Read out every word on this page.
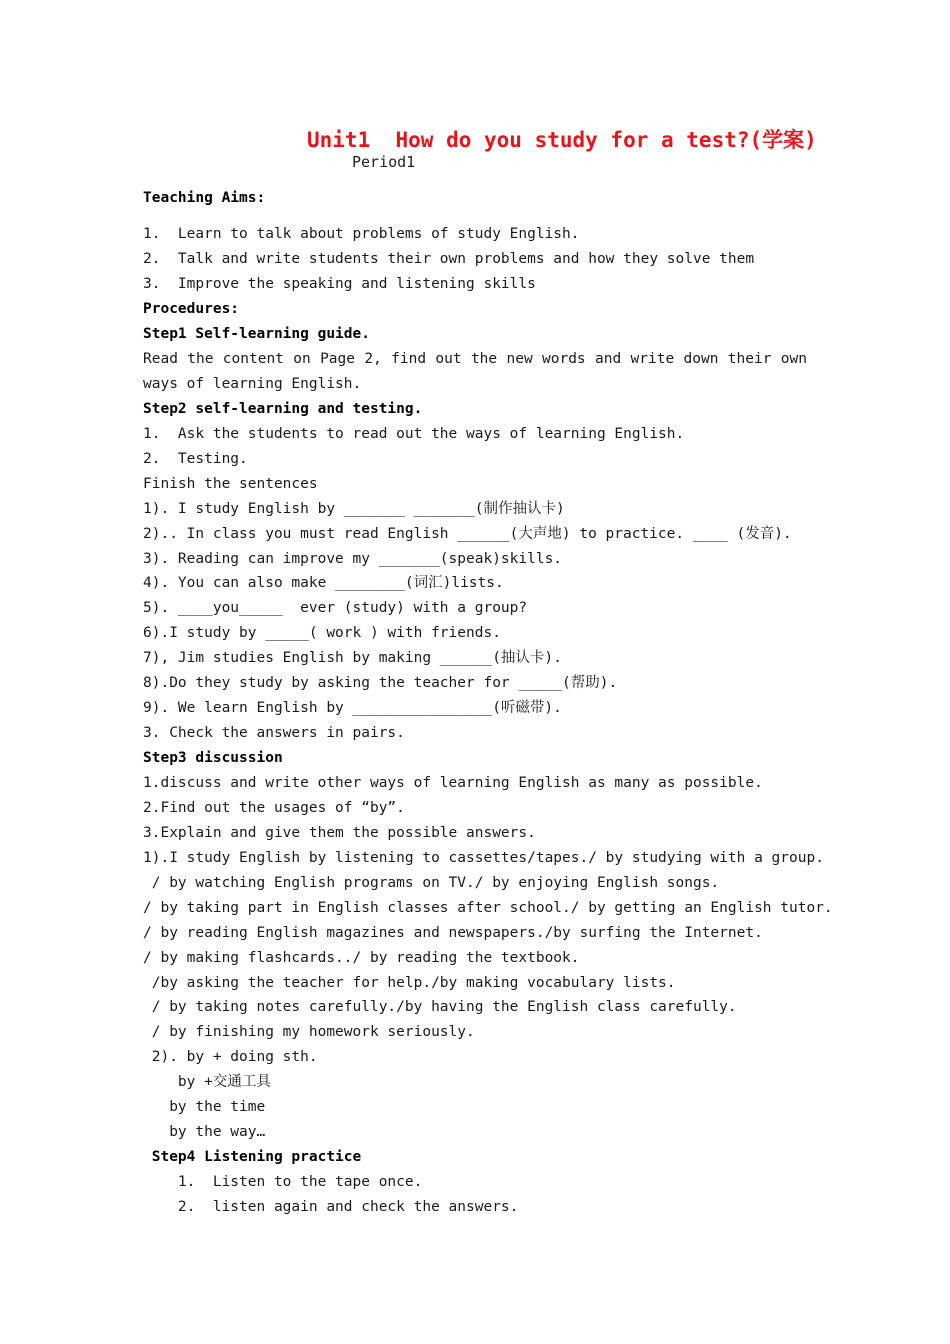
Unit1  How do you study for a test?(学案)
Period1
Teaching Aims:
1.  Learn to talk about problems of study English.
2.  Talk and write students their own problems and how they solve them
3.  Improve the speaking and listening skills
Procedures:
Step1 Self-learning guide.
Read the content on Page 2, find out the new words and write down their own
ways of learning English.
Step2 self-learning and testing.
1.  Ask the students to read out the ways of learning English.
2.  Testing.
Finish the sentences
1). I study English by _______ _______(制作抽认卡)
2).. In class you must read English ______(大声地) to practice. ____ (发音).
3). Reading can improve my _______(speak)skills.
4). You can also make ________(词汇)lists.
5). ____you_____  ever (study) with a group?
6).I study by _____( work ) with friends.
7), Jim studies English by making ______(抽认卡).
8).Do they study by asking the teacher for _____(帮助).
9). We learn English by ________________(听磁带).
3. Check the answers in pairs.
Step3 discussion
1.discuss and write other ways of learning English as many as possible.
2.Find out the usages of “by”.
3.Explain and give them the possible answers.
1).I study English by listening to cassettes/tapes./ by studying with a group.
/ by watching English programs on TV./ by enjoying English songs.
/ by taking part in English classes after school./ by getting an English tutor.
/ by reading English magazines and newspapers./by surfing the Internet.
/ by making flashcards../ by reading the textbook.
/by asking the teacher for help./by making vocabulary lists.
/ by taking notes carefully./by having the English class carefully.
/ by finishing my homework seriously.
2). by + doing sth.
by +交通工具
by the time
by the way…
Step4 Listening practice
1.  Listen to the tape once.
2.  listen again and check the answers.
